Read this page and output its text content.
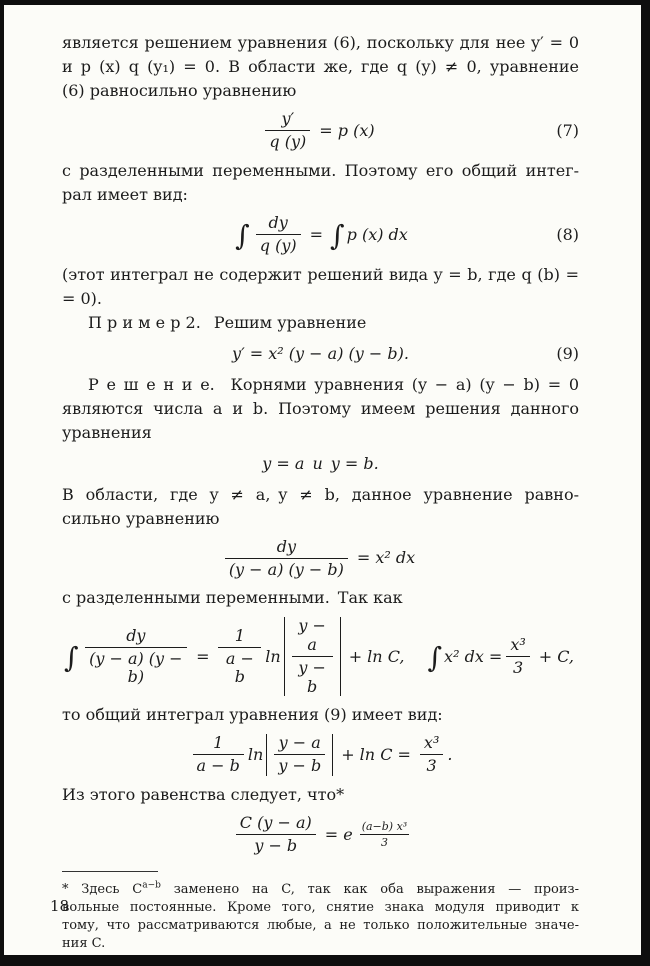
является решением уравнения (6), поскольку для нее y′ = 0
и p (x) q (y₁) = 0. В области же, где q (y) ≠ 0, уравнение
(6) равносильно уравнению

$\frac{y'}{q (y)} = p$ (x)	(7)

с разделенными переменными. Поэтому его общий интег-
рал имеет вид:

∫ $\frac{dy}{q (y)}$ = ∫ p (x) dx	(8)

(этот интеграл не содержит решений вида y = b, где q (b) =
= 0).

П р и м е р 2.  Решим уравнение

y′ = x² (y − a) (y − b).	(9)

Р е ш е н и е.  Корнями уравнения (y − a) (y − b) = 0
являются числа a и b. Поэтому имеем решения данного
уравнения

y = a и y = b.

В области, где y ≠ a, y ≠ b, данное уравнение равно-
сильно уравнению

$\frac{dy}{(y - a) (y - b)} = x^2$ dx

с разделенными переменными. Так как

∫ $\frac{dy}{(y - a) (y - b)} = \frac{1}{a - b}$ $\ln \frac{y - a}{y - b} + \ln C$, ∫ x² dx = $\frac{\text{x³}}{3} + C$,

то общий интеграл уравнения (9) имеет вид:

$\frac{1}{a - b}$ $\ln \frac{y - a}{y - b} + \ln C = \frac{\text{x³}}{3}$ .

Из этого равенства следует, что*

$\frac{C (y - a)}{y - b} = e \frac{\text{(a−b) x³}}{3}$
* Здесь $C^{a-b}$ заменено на C, так как оба выражения — произ-
вольные постоянные. Кроме того, снятие знака модуля приводит к
тому, что рассматриваются любые, а не только положительные значе-
ния C.
18
